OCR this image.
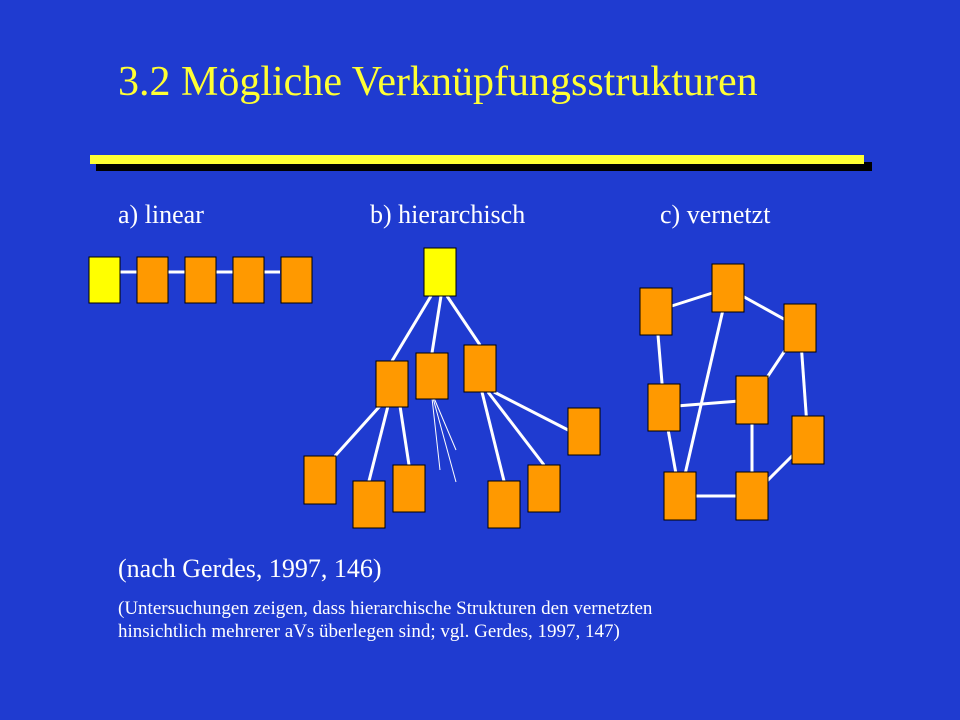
3.2 Mögliche Verknüpfungsstrukturen
a) linear	b) hierarchisch	c) vernetzt
(nach Gerdes, 1997, 146)
(Untersuchungen zeigen, dass hierarchische Strukturen den vernetzten
hinsichtlich mehrerer aVs überlegen sind; vgl. Gerdes, 1997, 147)
